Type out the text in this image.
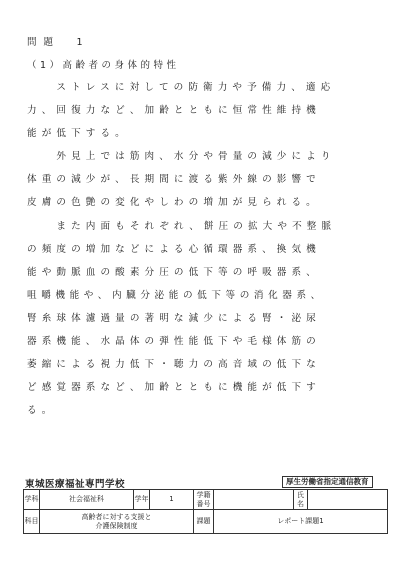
問題　1
（1）高齢者の身体的特性
　　ストレスに対しての防衛力や予備力、適応
力、回復力など、加齢とともに恒常性維持機
能が低下する。
　　外見上では筋肉、水分や骨量の減少により
体重の減少が、長期間に渡る紫外線の影響で
皮膚の色艶の変化やしわの増加が見られる。
　　また内面もそれぞれ、餅圧の拡大や不整脈
の頻度の増加などによる心循環器系、換気機
能や動脈血の酸素分圧の低下等の呼吸器系、
咀嚼機能や、内臓分泌能の低下等の消化器系、
腎糸球体濾過量の著明な減少による腎・泌尿
器系機能、水晶体の弾性能低下や毛様体筋の
萎縮による視力低下・聴力の高音域の低下な
ど感覚器系など、加齢とともに機能が低下す
る。
東城医療福祉専門学校	厚生労働省指定通信教育
学科	社会福祉科	学年	1	学籍番号		氏名	
科目	高齢者に対する支援と
介護保険制度			課題	レポート課題1		
